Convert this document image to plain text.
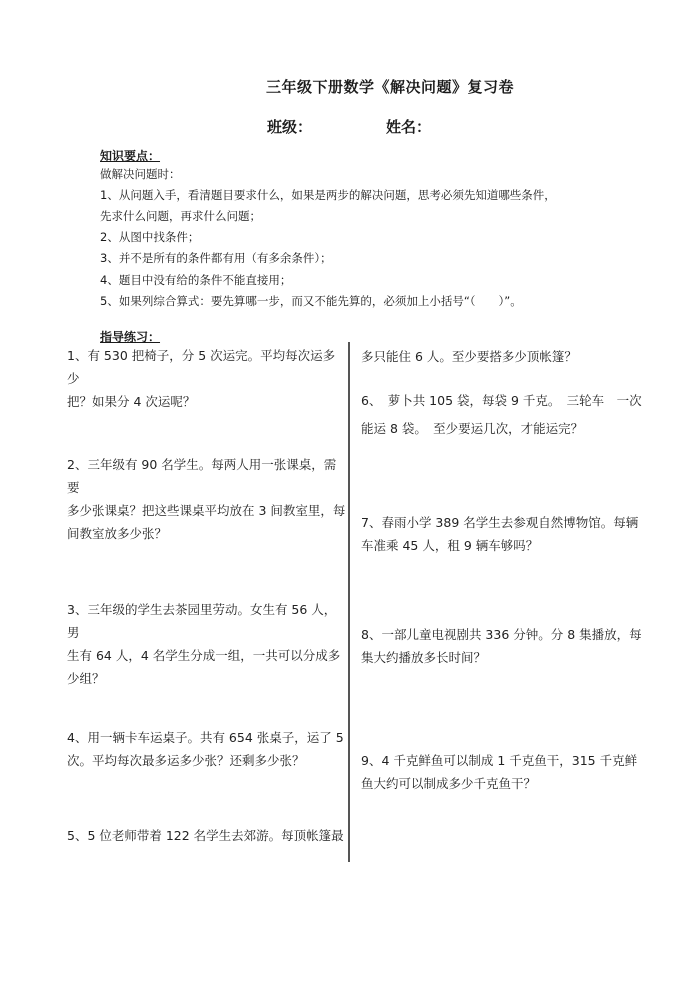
三年级下册数学《解决问题》复习卷
班级：	姓名：
知识要点：
做解决问题时：
1、从问题入手，看清题目要求什么，如果是两步的解决问题，思考必须先知道哪些条件，
先求什么问题，再求什么问题；
2、从图中找条件；
3、并不是所有的条件都有用（有多余条件）；
4、题目中没有给的条件不能直接用；
5、如果列综合算式：要先算哪一步，而又不能先算的，必须加上小括号“（　　）”。
指导练习：
1、有 530 把椅子，分 5 次运完。平均每次运多少
把？如果分 4 次运呢？
2、三年级有 90 名学生。每两人用一张课桌，需要
多少张课桌？把这些课桌平均放在 3 间教室里，每
间教室放多少张？
3、三年级的学生去茶园里劳动。女生有 56 人，男
生有 64 人，4 名学生分成一组，一共可以分成多
少组？
4、用一辆卡车运桌子。共有 654 张桌子，运了 5
次。平均每次最多运多少张？还剩多少张？
5、5 位老师带着 122 名学生去郊游。每顶帐篷最
多只能住 6 人。至少要搭多少顶帐篷？
6、　萝卜共 105 袋，每袋 9 千克。　三轮车　一次
能运 8 袋。　至少要运几次，才能运完？
7、春雨小学 389 名学生去参观自然博物馆。每辆
车准乘 45 人，租 9 辆车够吗？
8、一部儿童电视剧共 336 分钟。分 8 集播放，每
集大约播放多长时间？
9、4 千克鲜鱼可以制成 1 千克鱼干，315 千克鲜
鱼大约可以制成多少千克鱼干？
